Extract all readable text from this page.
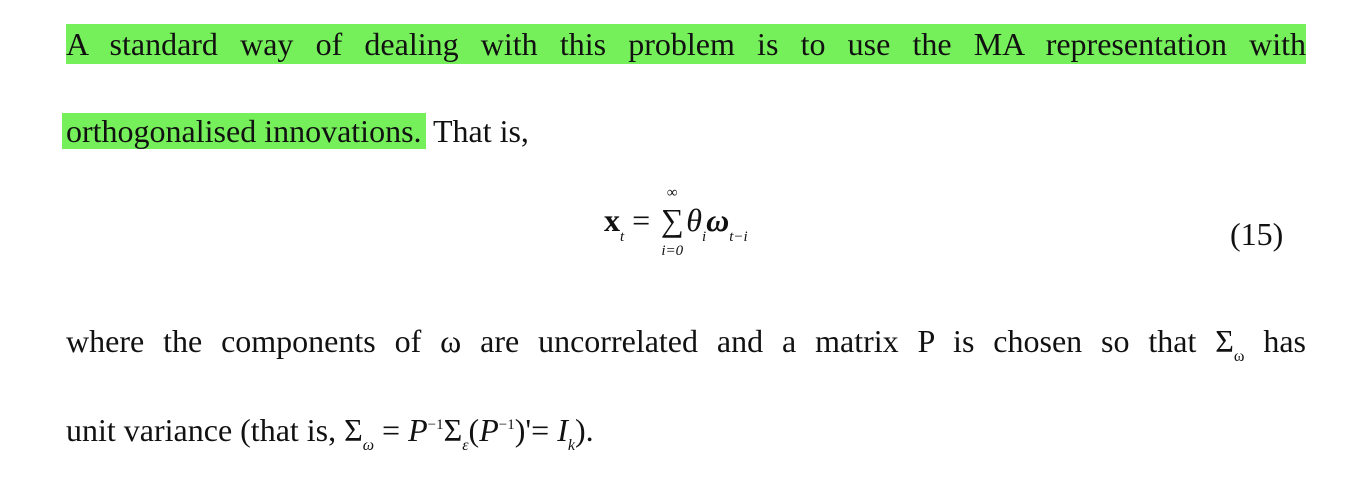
A standard way of dealing with this problem is to use the MA representation with
orthogonalised innovations. That is,
$x_t$ =
∞
∑
i=0
$\theta_i\omega_{t-i}$	(15)
where the components of ω are uncorrelated and a matrix P is chosen so that $\Sigma_\omega$ has
unit variance (that is, $\Sigma_\omega = P^{-1}\Sigma_\varepsilon(P^{-1})'= I_k$).
